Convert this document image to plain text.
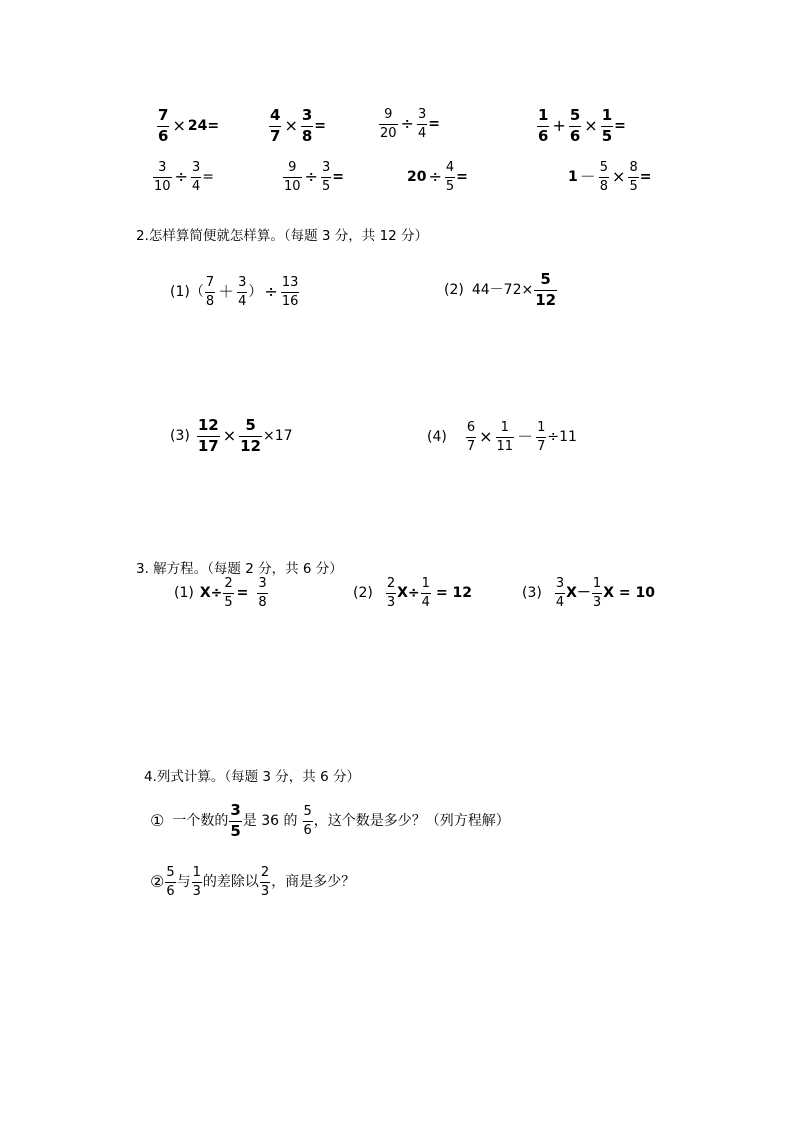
$\frac{7}{6} \times 24=$	$\frac{4}{7} \times \frac{3}{8}$ =	$\frac{9}{20} \div \frac{3}{4}$ =	$\frac{1}{6} + \frac{5}{6} \times \frac{1}{5}$ =
$\frac{3}{10} \div \frac{3}{4}$ =	$\frac{9}{10} \div \frac{3}{5}$ =	$20 \div \frac{4}{5}$ =	$1 - \frac{5}{8} \times \frac{8}{5}$ =
2.怎样算简便就怎样算。（每题 3 分，共 12 分）
(1) （ $\frac{7}{8} + \frac{3}{4}$ ） ÷ $\frac{13}{16}$	(2) $44-72\times \frac{5}{12}$
$(3) \frac{12}{17} \times \frac{5}{12} \times 17$	$(4) \frac{6}{7} \times \frac{1}{11} - \frac{1}{7} \div 11$
3. 解方程。（每题 2 分，共 6 分）
(1) $X\div \frac{2}{5} = \frac{3}{8}$	$(2) \frac{2}{3} X\div \frac{1}{4} = 12$	$(3) \frac{3}{4} X- \frac{1}{3}$ X = 10
4.列式计算。（每题 3 分，共 6 分）
① 一个数的 $\frac{3}{5}$ 是 36 的 $\frac{5}{6}$ ，这个数是多少？（列方程解）
② $\frac{5}{6}$ 与 $\frac{1}{3}$ 的差除以 $\frac{2}{3}$ ，商是多少？
